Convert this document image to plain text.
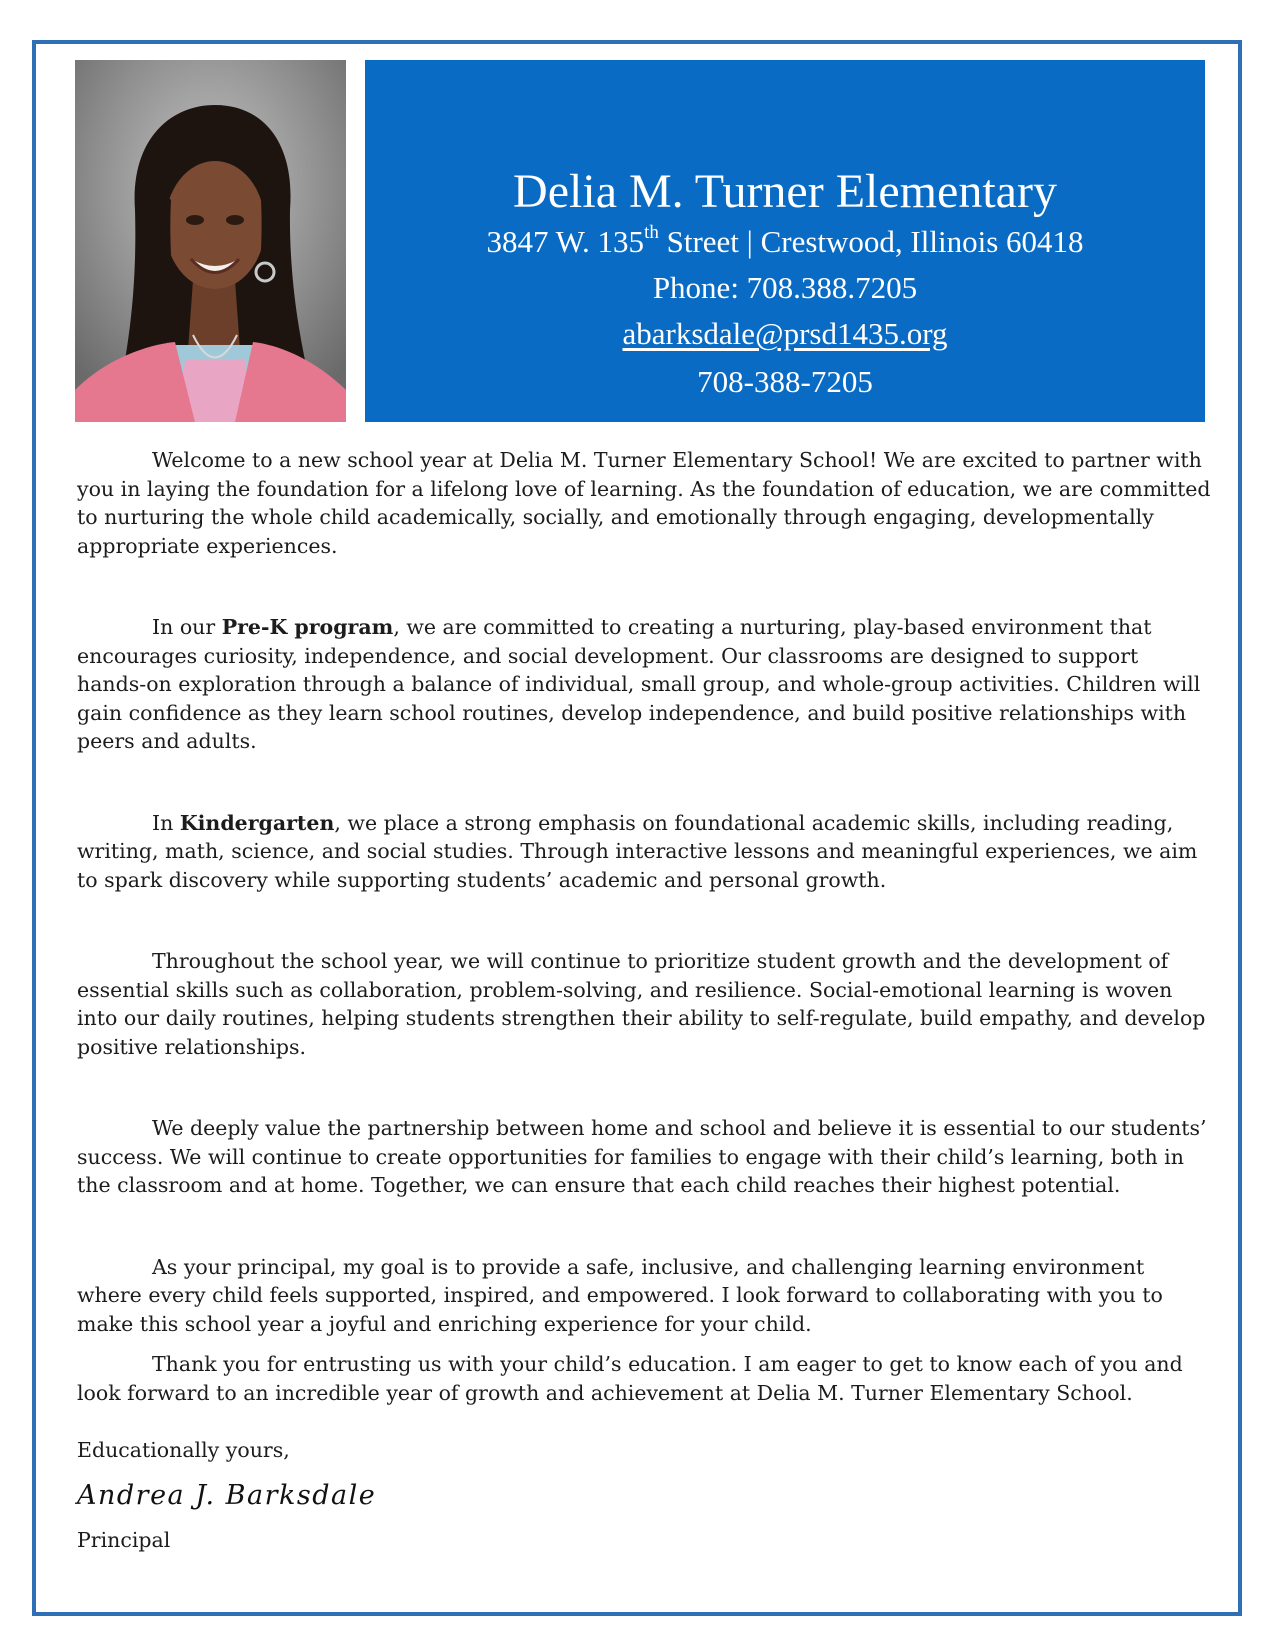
Delia M. Turner Elementary
3847 W. 135th Street | Crestwood, Illinois 60418
Phone: 708.388.7205
abarksdale@prsd1435.org
708-388-7205

Welcome to a new school year at Delia M. Turner Elementary School! We are excited to partner with you in laying the foundation for a lifelong love of learning. As the foundation of education, we are committed to nurturing the whole child academically, socially, and emotionally through engaging, developmentally appropriate experiences.

In our Pre-K program, we are committed to creating a nurturing, play-based environment that encourages curiosity, independence, and social development. Our classrooms are designed to support hands-on exploration through a balance of individual, small group, and whole-group activities. Children will gain confidence as they learn school routines, develop independence, and build positive relationships with peers and adults.

In Kindergarten, we place a strong emphasis on foundational academic skills, including reading, writing, math, science, and social studies. Through interactive lessons and meaningful experiences, we aim to spark discovery while supporting students’ academic and personal growth.

Throughout the school year, we will continue to prioritize student growth and the development of essential skills such as collaboration, problem-solving, and resilience. Social-emotional learning is woven into our daily routines, helping students strengthen their ability to self-regulate, build empathy, and develop positive relationships.

We deeply value the partnership between home and school and believe it is essential to our students’ success. We will continue to create opportunities for families to engage with their child’s learning, both in the classroom and at home. Together, we can ensure that each child reaches their highest potential.

As your principal, my goal is to provide a safe, inclusive, and challenging learning environment where every child feels supported, inspired, and empowered. I look forward to collaborating with you to make this school year a joyful and enriching experience for your child.

Thank you for entrusting us with your child’s education. I am eager to get to know each of you and look forward to an incredible year of growth and achievement at Delia M. Turner Elementary School.

Educationally yours,
Andrea J. Barksdale
Principal
